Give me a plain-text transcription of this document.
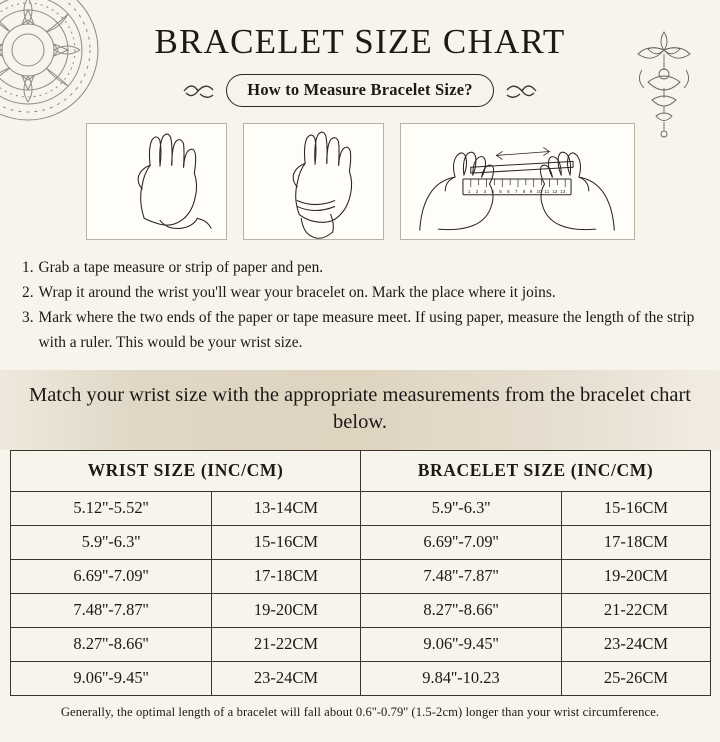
BRACELET SIZE CHART
How to Measure Bracelet Size?
1 2 3 4 5 6 7 8 9 10 11 12 13
1. Grab a tape measure or strip of paper and pen.
2. Wrap it around the wrist you'll wear your bracelet on. Mark the place where it joins.
3. Mark where the two ends of the paper or tape measure meet. If using paper, measure the length of the strip with a ruler. This would be your wrist size.
Match your wrist size with the appropriate measurements from the bracelet chart below.
WRIST SIZE (INC/CM)		BRACELET SIZE (INC/CM)	
5.12''-5.52''	13-14CM	5.9''-6.3''	15-16CM
5.9''-6.3''	15-16CM	6.69''-7.09''	17-18CM
6.69''-7.09''	17-18CM	7.48''-7.87''	19-20CM
7.48''-7.87''	19-20CM	8.27''-8.66''	21-22CM
8.27''-8.66''	21-22CM	9.06''-9.45''	23-24CM
9.06''-9.45''	23-24CM	9.84''-10.23	25-26CM
Generally, the optimal length of a bracelet will fall about 0.6''-0.79'' (1.5-2cm) longer than your wrist circumference.
